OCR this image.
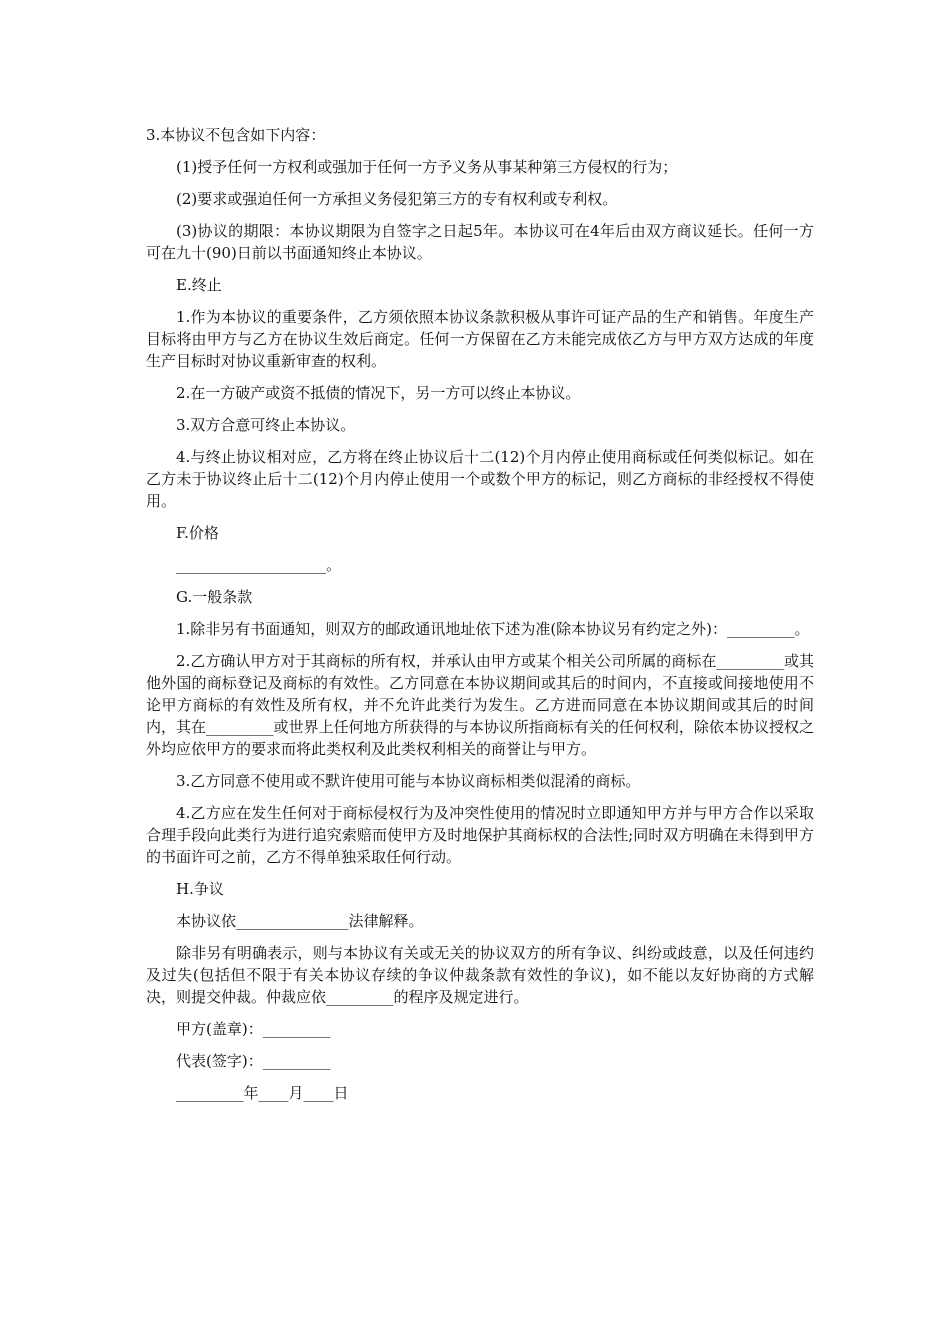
3.本协议不包含如下内容：

(1)授予任何一方权利或强加于任何一方予义务从事某种第三方侵权的行为；

(2)要求或强迫任何一方承担义务侵犯第三方的专有权利或专利权。

(3)协议的期限：本协议期限为自签字之日起5年。本协议可在4年后由双方商议延长。任何一方可在九十(90)日前以书面通知终止本协议。

E.终止

1.作为本协议的重要条件，乙方须依照本协议条款积极从事许可证产品的生产和销售。年度生产目标将由甲方与乙方在协议生效后商定。任何一方保留在乙方未能完成依乙方与甲方双方达成的年度生产目标时对协议重新审查的权利。

2.在一方破产或资不抵债的情况下，另一方可以终止本协议。

3.双方合意可终止本协议。

4.与终止协议相对应，乙方将在终止协议后十二(12)个月内停止使用商标或任何类似标记。如在乙方未于协议终止后十二(12)个月内停止使用一个或数个甲方的标记，则乙方商标的非经授权不得使用。

F.价格

____________________。

G.一般条款

1.除非另有书面通知，则双方的邮政通讯地址依下述为准(除本协议另有约定之外)：_________。

2.乙方确认甲方对于其商标的所有权，并承认由甲方或某个相关公司所属的商标在_________或其他外国的商标登记及商标的有效性。乙方同意在本协议期间或其后的时间内，不直接或间接地使用不论甲方商标的有效性及所有权，并不允许此类行为发生。乙方进而同意在本协议期间或其后的时间内，其在_________或世界上任何地方所获得的与本协议所指商标有关的任何权利，除依本协议授权之外均应依甲方的要求而将此类权利及此类权利相关的商誉让与甲方。

3.乙方同意不使用或不默许使用可能与本协议商标相类似混淆的商标。

4.乙方应在发生任何对于商标侵权行为及冲突性使用的情况时立即通知甲方并与甲方合作以采取合理手段向此类行为进行追究索赔而使甲方及时地保护其商标权的合法性;同时双方明确在未得到甲方的书面许可之前，乙方不得单独采取任何行动。

H.争议

本协议依_______________法律解释。

除非另有明确表示，则与本协议有关或无关的协议双方的所有争议、纠纷或歧意，以及任何违约及过失(包括但不限于有关本协议存续的争议仲裁条款有效性的争议)，如不能以友好协商的方式解决，则提交仲裁。仲裁应依_________的程序及规定进行。

甲方(盖章)：_________

代表(签字)：_________

_________年____月____日
